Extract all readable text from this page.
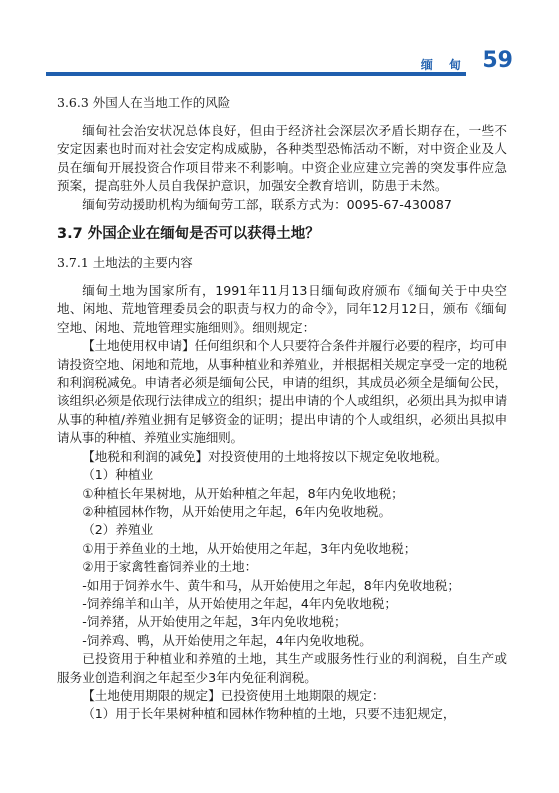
缅 甸 59
3.6.3 外国人在当地工作的风险

缅甸社会治安状况总体良好，但由于经济社会深层次矛盾长期存在，一些不安定因素也时而对社会安定构成威胁，各种类型恐怖活动不断，对中资企业及人员在缅甸开展投资合作项目带来不利影响。中资企业应建立完善的突发事件应急预案，提高驻外人员自我保护意识，加强安全教育培训，防患于未然。

缅甸劳动援助机构为缅甸劳工部，联系方式为：0095-67-430087

3.7 外国企业在缅甸是否可以获得土地？
3.7.1 土地法的主要内容

缅甸土地为国家所有，1991年11月13日缅甸政府颁布《缅甸关于中央空地、闲地、荒地管理委员会的职责与权力的命令》，同年12月12日，颁布《缅甸空地、闲地、荒地管理实施细则》。细则规定：

【土地使用权申请】任何组织和个人只要符合条件并履行必要的程序，均可申请投资空地、闲地和荒地，从事种植业和养殖业，并根据相关规定享受一定的地税和利润税减免。申请者必须是缅甸公民，申请的组织，其成员必须全是缅甸公民，该组织必须是依现行法律成立的组织；提出申请的个人或组织，必须出具为拟申请从事的种植/养殖业拥有足够资金的证明；提出申请的个人或组织，必须出具拟申请从事的种植、养殖业实施细则。

【地税和利润的减免】对投资使用的土地将按以下规定免收地税。

（1）种植业

①种植长年果树地，从开始种植之年起，8年内免收地税；

②种植园林作物，从开始使用之年起，6年内免收地税。

（2）养殖业

①用于养鱼业的土地，从开始使用之年起，3年内免收地税；

②用于家禽牲畜饲养业的土地：

-如用于饲养水牛、黄牛和马，从开始使用之年起，8年内免收地税；

-饲养绵羊和山羊，从开始使用之年起，4年内免收地税；

-饲养猪，从开始使用之年起，3年内免收地税；

-饲养鸡、鸭，从开始使用之年起，4年内免收地税。

已投资用于种植业和养殖的土地，其生产或服务性行业的利润税，自生产或服务业创造利润之年起至少3年内免征利润税。

【土地使用期限的规定】已投资使用土地期限的规定：

（1）用于长年果树种植和园林作物种植的土地，只要不违犯规定，
